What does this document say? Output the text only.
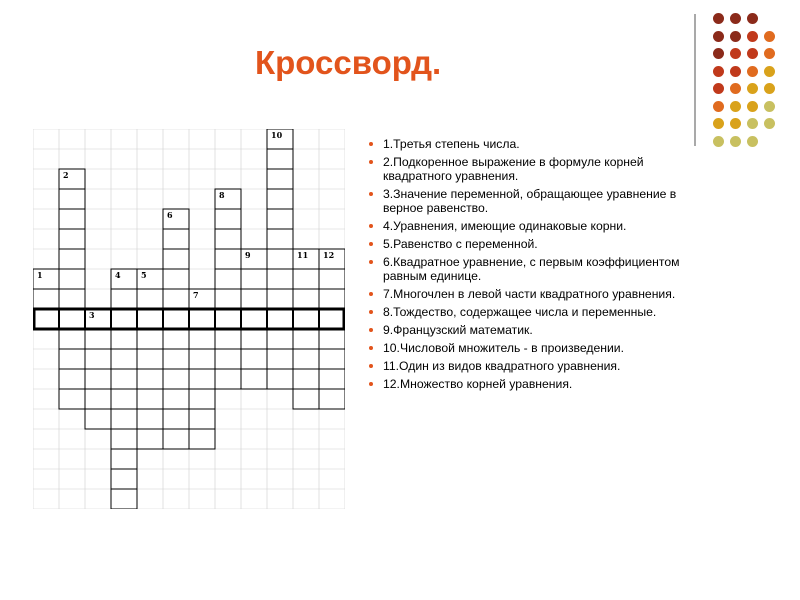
Кроссворд.
10
2
8
6
9	11 12
1	4	5
7
3
1.Третья степень числа.
2.Подкоренное выражение в формуле корней квадратного уравнения.
3.Значение переменной, обращающее уравнение в верное равенство.
4.Уравнения, имеющие одинаковые корни.
5.Равенство с переменной.
6.Квадратное уравнение, с первым коэффициентом равным единице.
7.Многочлен в левой части квадратного уравнения.
8.Тождество, содержащее числа и переменные.
9.Французский математик.
10.Числовой множитель - в произведении.
11.Один из видов квадратного уравнения.
12.Множество корней уравнения.
